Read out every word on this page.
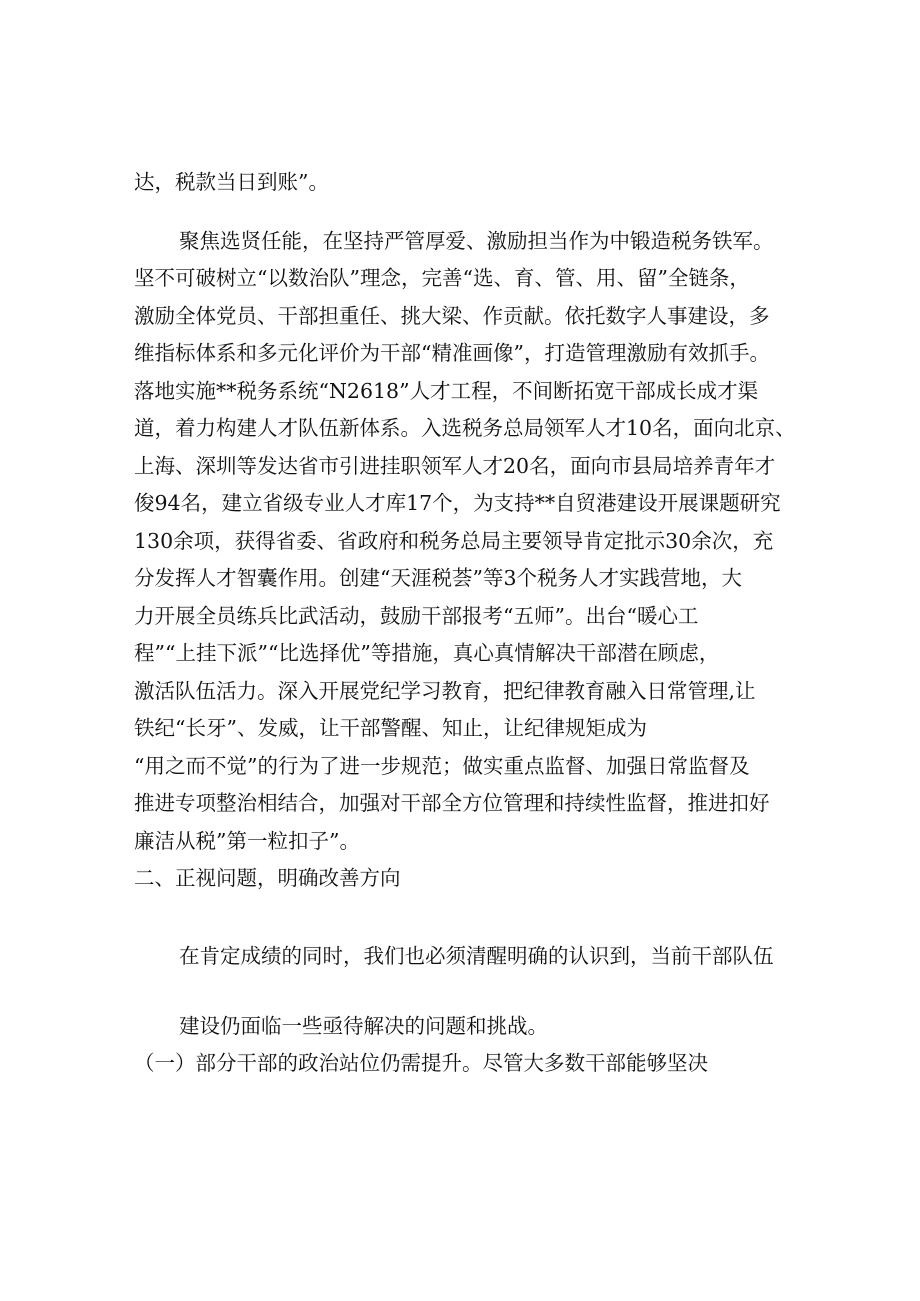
达，税款当日到账”。
聚焦选贤任能，在坚持严管厚爱、激励担当作为中锻造税务铁军。
坚不可破树立“以数治队”理念，完善“选、育、管、用、留”全链条，
激励全体党员、干部担重任、挑大梁、作贡献。依托数字人事建设，多
维指标体系和多元化评价为干部“精准画像”，打造管理激励有效抓手。
落地实施**税务系统“N2618”人才工程，不间断拓宽干部成长成才渠
道，着力构建人才队伍新体系。入选税务总局领军人才10名，面向北京、
上海、深圳等发达省市引进挂职领军人才20名，面向市县局培养青年才
俊94名，建立省级专业人才库17个，为支持**自贸港建设开展课题研究
130余项，获得省委、省政府和税务总局主要领导肯定批示30余次，充
分发挥人才智囊作用。创建“天涯税荟”等3个税务人才实践营地，大
力开展全员练兵比武活动，鼓励干部报考“五师”。出台“暖心工
程”“上挂下派”“比选择优”等措施，真心真情解决干部潜在顾虑，
激活队伍活力。深入开展党纪学习教育，把纪律教育融入日常管理,让
铁纪“长牙”、发威，让干部警醒、知止，让纪律规矩成为
“用之而不觉”的行为了进一步规范；做实重点监督、加强日常监督及
推进专项整治相结合，加强对干部全方位管理和持续性监督，推进扣好
廉洁从税”第一粒扣子”。
二、正视问题，明确改善方向
在肯定成绩的同时，我们也必须清醒明确的认识到，当前干部队伍
建设仍面临一些亟待解决的问题和挑战。
（一）部分干部的政治站位仍需提升。尽管大多数干部能够坚决
